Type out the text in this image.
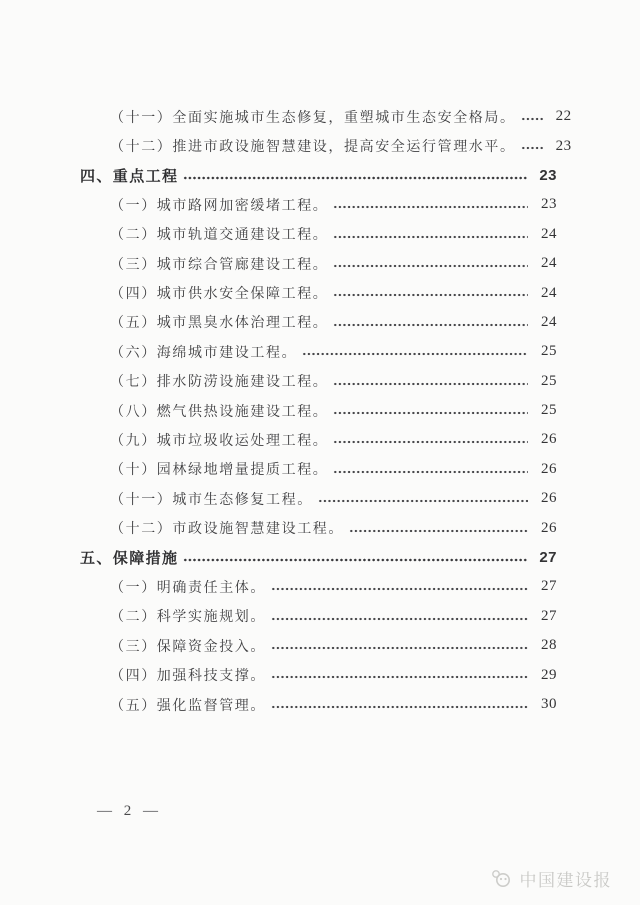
（十一）全面实施城市生态修复，重塑城市生态安全格局。	22
（十二）推进市政设施智慧建设，提高安全运行管理水平。	23
四、重点工程	23
（一）城市路网加密缓堵工程。	23
（二）城市轨道交通建设工程。	24
（三）城市综合管廊建设工程。	24
（四）城市供水安全保障工程。	24
（五）城市黑臭水体治理工程。	24
（六）海绵城市建设工程。	25
（七）排水防涝设施建设工程。	25
（八）燃气供热设施建设工程。	25
（九）城市垃圾收运处理工程。	26
（十）园林绿地增量提质工程。	26
（十一）城市生态修复工程。	26
（十二）市政设施智慧建设工程。	26
五、保障措施	27
（一）明确责任主体。	27
（二）科学实施规划。	27
（三）保障资金投入。	28
（四）加强科技支撑。	29
（五）强化监督管理。	30
— 2 —
中国建设报
